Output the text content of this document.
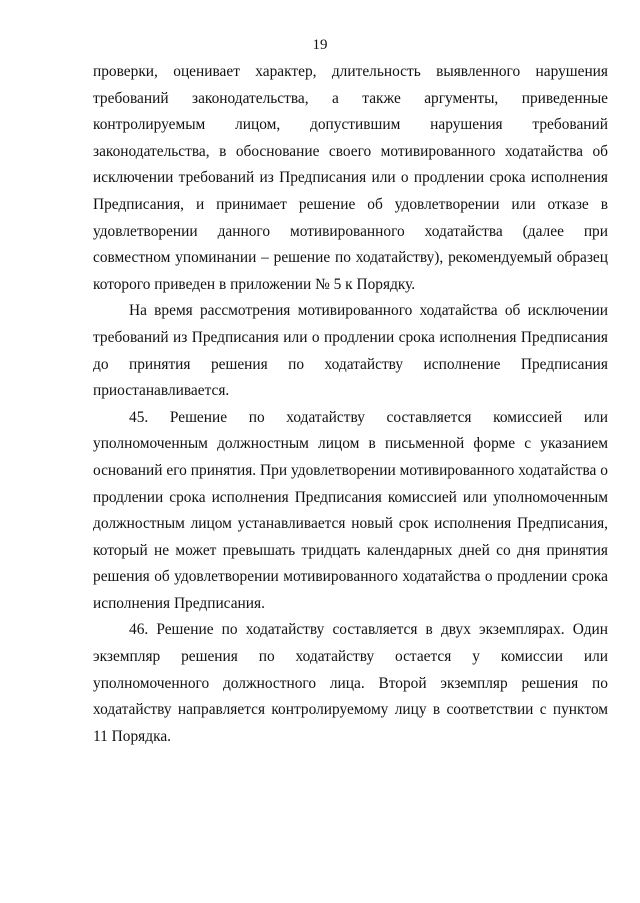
19

проверки, оценивает характер, длительность выявленного нарушения требований законодательства, а также аргументы, приведенные контролируемым лицом, допустившим нарушения требований законодательства, в обоснование своего мотивированного ходатайства об исключении требований из Предписания или о продлении срока исполнения Предписания, и принимает решение об удовлетворении или отказе в удовлетворении данного мотивированного ходатайства (далее при совместном упоминании – решение по ходатайству), рекомендуемый образец которого приведен в приложении № 5 к Порядку.

На время рассмотрения мотивированного ходатайства об исключении требований из Предписания или о продлении срока исполнения Предписания до принятия решения по ходатайству исполнение Предписания приостанавливается.

45. Решение по ходатайству составляется комиссией или уполномоченным должностным лицом в письменной форме с указанием оснований его принятия. При удовлетворении мотивированного ходатайства о продлении срока исполнения Предписания комиссией или уполномоченным должностным лицом устанавливается новый срок исполнения Предписания, который не может превышать тридцать календарных дней со дня принятия решения об удовлетворении мотивированного ходатайства о продлении срока исполнения Предписания.

46. Решение по ходатайству составляется в двух экземплярах. Один экземпляр решения по ходатайству остается у комиссии или уполномоченного должностного лица. Второй экземпляр решения по ходатайству направляется контролируемому лицу в соответствии с пунктом 11 Порядка.
